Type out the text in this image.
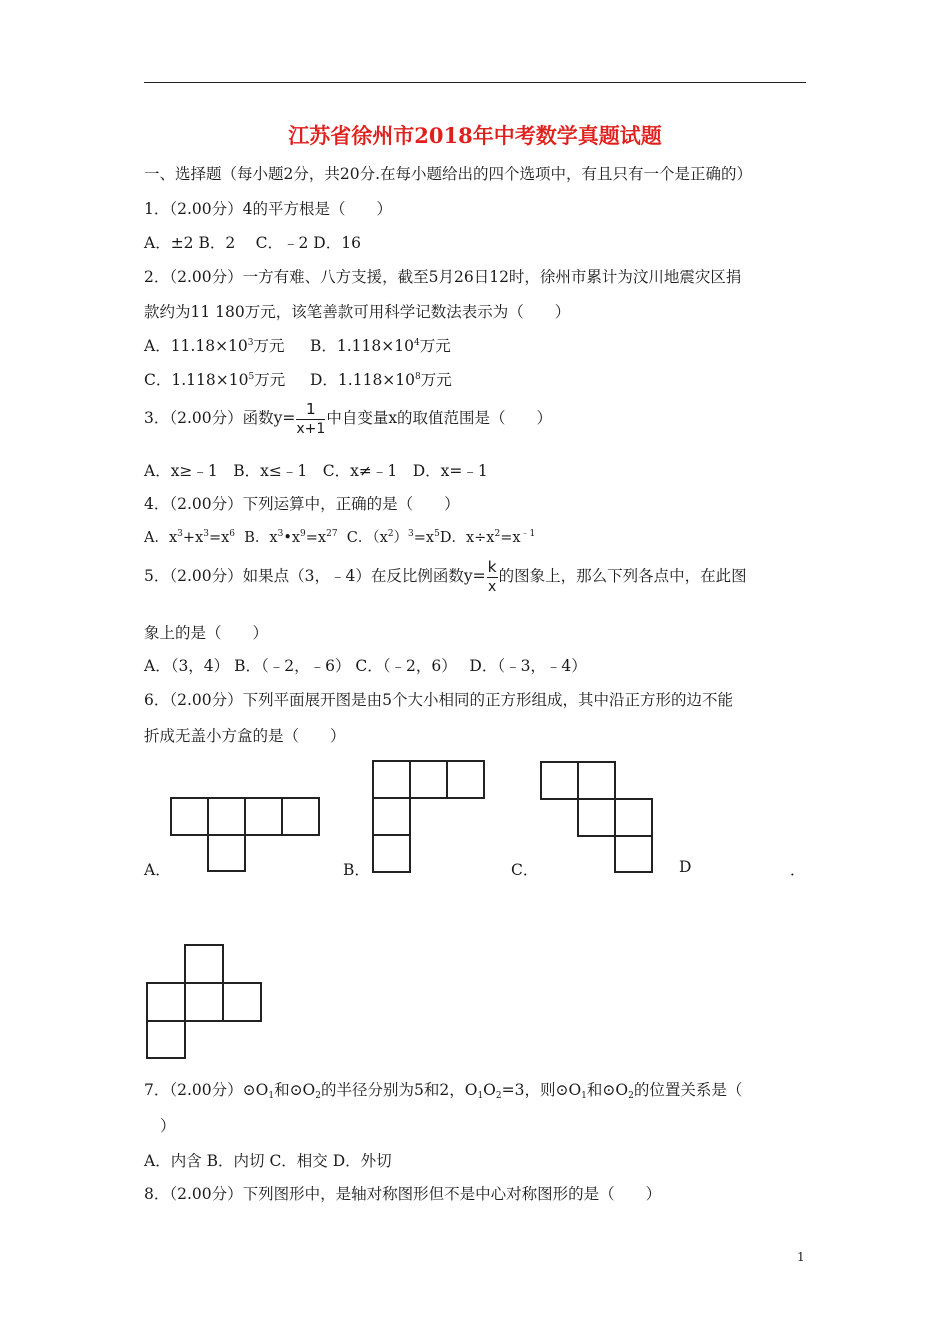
江苏省徐州市2018年中考数学真题试题
一、选择题（每小题2分，共20分.在每小题给出的四个选项中，有且只有一个是正确的）
1．（2.00分）4的平方根是（　　）
A．±2 B．2　 C．﹣2 D．16
2．（2.00分）一方有难、八方支援，截至5月26日12时，徐州市累计为汶川地震灾区捐
款约为11 180万元，该笔善款可用科学记数法表示为（　　）
A．$11.18\times 10^3$万元 B．$1.118\times 10^4$万元
C．$1.118\times 10^5$万元 D．$1.118\times 10^8$万元
3．（2.00分）函数$y= \frac{1}{x+1}$ 中自变量x的取值范围是（　　）
A．x≥﹣1　B．x≤﹣1　C．x≠﹣1　D．x=﹣1
4．（2.00分）下列运算中，正确的是（　　）
A．$x^3+x^3=x^6$ B．$x^3•x^9=x^{27}$ C．$(x^2)^3=x^5D$．$x\div x^2=x^{﹣1}$
5．（2.00分）如果点（3，﹣4）在反比例函数$y= \frac{k}{x}$ 的图象上，那么下列各点中，在此图
象上的是（　　）
A．（3，4） B．（﹣2，﹣6） C．（﹣2，6）　 D．（﹣3，﹣4）
6．（2.00分）下列平面展开图是由5个大小相同的正方形组成，其中沿正方形的边不能
折成无盖小方盒的是（　　）
A．	B．	C．	D	．
7．（2.00分）$⊙O_1$和$⊙O_2$的半径分别为5和2，$O_1O_2=3$，则$⊙O_1$和$⊙O_2$的位置关系是（
）
A．内含 B．内切 C．相交 D．外切
8．（2.00分）下列图形中，是轴对称图形但不是中心对称图形的是（　　）
1
